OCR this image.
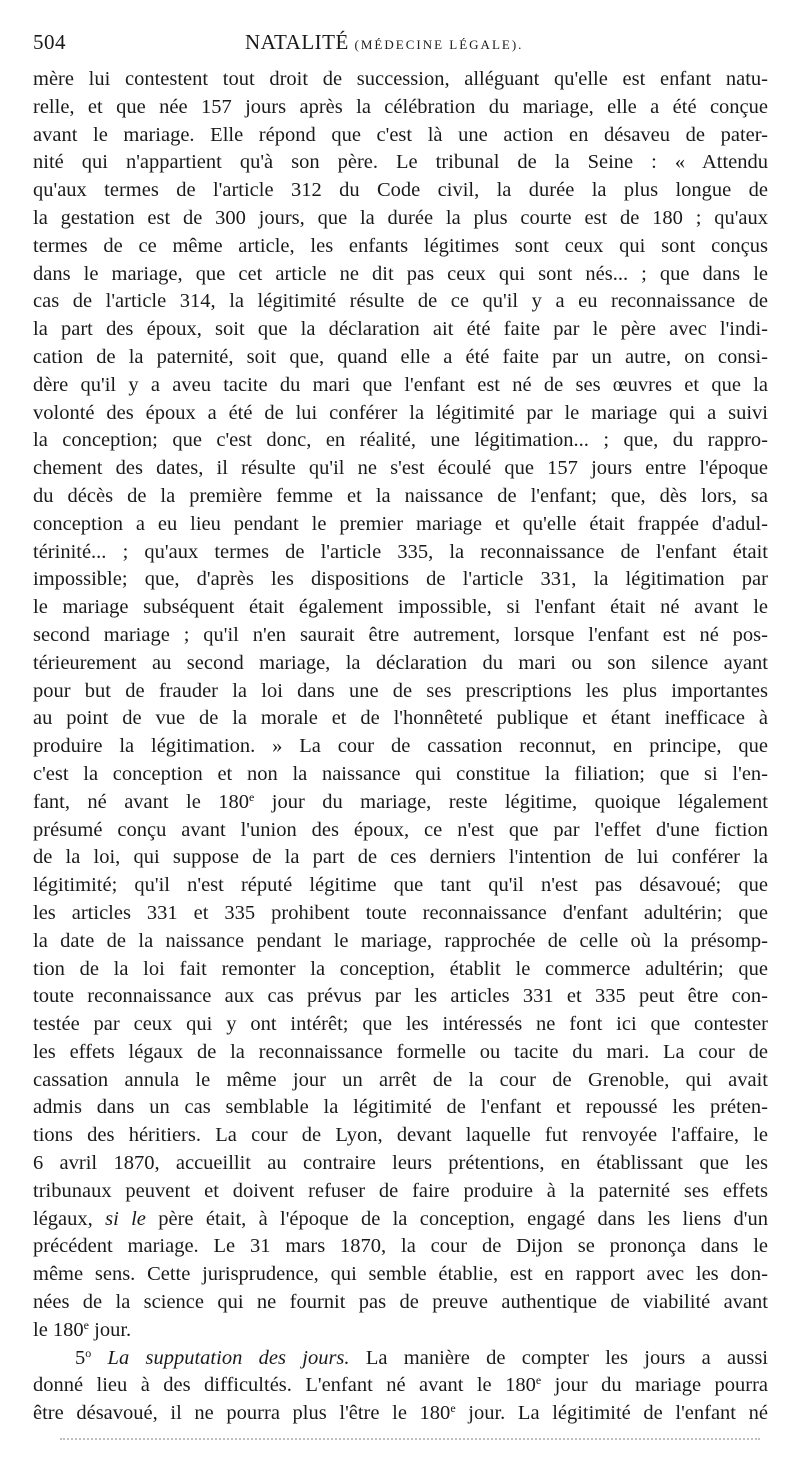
504	NATALITÉ (MÉDECINE LÉGALE).
mère lui contestent tout droit de succession, alléguant qu'elle est enfant natu-
relle, et que née 157 jours après la célébration du mariage, elle a été conçue
avant le mariage. Elle répond que c'est là une action en désaveu de pater-
nité qui n'appartient qu'à son père. Le tribunal de la Seine : « Attendu
qu'aux termes de l'article 312 du Code civil, la durée la plus longue de
la gestation est de 300 jours, que la durée la plus courte est de 180 ; qu'aux
termes de ce même article, les enfants légitimes sont ceux qui sont conçus
dans le mariage, que cet article ne dit pas ceux qui sont nés... ; que dans le
cas de l'article 314, la légitimité résulte de ce qu'il y a eu reconnaissance de
la part des époux, soit que la déclaration ait été faite par le père avec l'indi-
cation de la paternité, soit que, quand elle a été faite par un autre, on consi-
dère qu'il y a aveu tacite du mari que l'enfant est né de ses œuvres et que la
volonté des époux a été de lui conférer la légitimité par le mariage qui a suivi
la conception; que c'est donc, en réalité, une légitimation... ; que, du rappro-
chement des dates, il résulte qu'il ne s'est écoulé que 157 jours entre l'époque
du décès de la première femme et la naissance de l'enfant; que, dès lors, sa
conception a eu lieu pendant le premier mariage et qu'elle était frappée d'adul-
térinité... ; qu'aux termes de l'article 335, la reconnaissance de l'enfant était
impossible; que, d'après les dispositions de l'article 331, la légitimation par
le mariage subséquent était également impossible, si l'enfant était né avant le
second mariage ; qu'il n'en saurait être autrement, lorsque l'enfant est né pos-
térieurement au second mariage, la déclaration du mari ou son silence ayant
pour but de frauder la loi dans une de ses prescriptions les plus importantes
au point de vue de la morale et de l'honnêteté publique et étant inefficace à
produire la légitimation. » La cour de cassation reconnut, en principe, que
c'est la conception et non la naissance qui constitue la filiation; que si l'en-
fant, né avant le 180e jour du mariage, reste légitime, quoique légalement
présumé conçu avant l'union des époux, ce n'est que par l'effet d'une fiction
de la loi, qui suppose de la part de ces derniers l'intention de lui conférer la
légitimité; qu'il n'est réputé légitime que tant qu'il n'est pas désavoué; que
les articles 331 et 335 prohibent toute reconnaissance d'enfant adultérin; que
la date de la naissance pendant le mariage, rapprochée de celle où la présomp-
tion de la loi fait remonter la conception, établit le commerce adultérin; que
toute reconnaissance aux cas prévus par les articles 331 et 335 peut être con-
testée par ceux qui y ont intérêt; que les intéressés ne font ici que contester
les effets légaux de la reconnaissance formelle ou tacite du mari. La cour de
cassation annula le même jour un arrêt de la cour de Grenoble, qui avait
admis dans un cas semblable la légitimité de l'enfant et repoussé les préten-
tions des héritiers. La cour de Lyon, devant laquelle fut renvoyée l'affaire, le
6 avril 1870, accueillit au contraire leurs prétentions, en établissant que les
tribunaux peuvent et doivent refuser de faire produire à la paternité ses effets
légaux, si le père était, à l'époque de la conception, engagé dans les liens d'un
précédent mariage. Le 31 mars 1870, la cour de Dijon se prononça dans le
même sens. Cette jurisprudence, qui semble établie, est en rapport avec les don-
nées de la science qui ne fournit pas de preuve authentique de viabilité avant
le 180e jour.
5$^o$ La supputation des jours. La manière de compter les jours a aussi
donné lieu à des difficultés. L'enfant né avant le 180e jour du mariage pourra
être désavoué, il ne pourra plus l'être le 180e jour. La légitimité de l'enfant né
